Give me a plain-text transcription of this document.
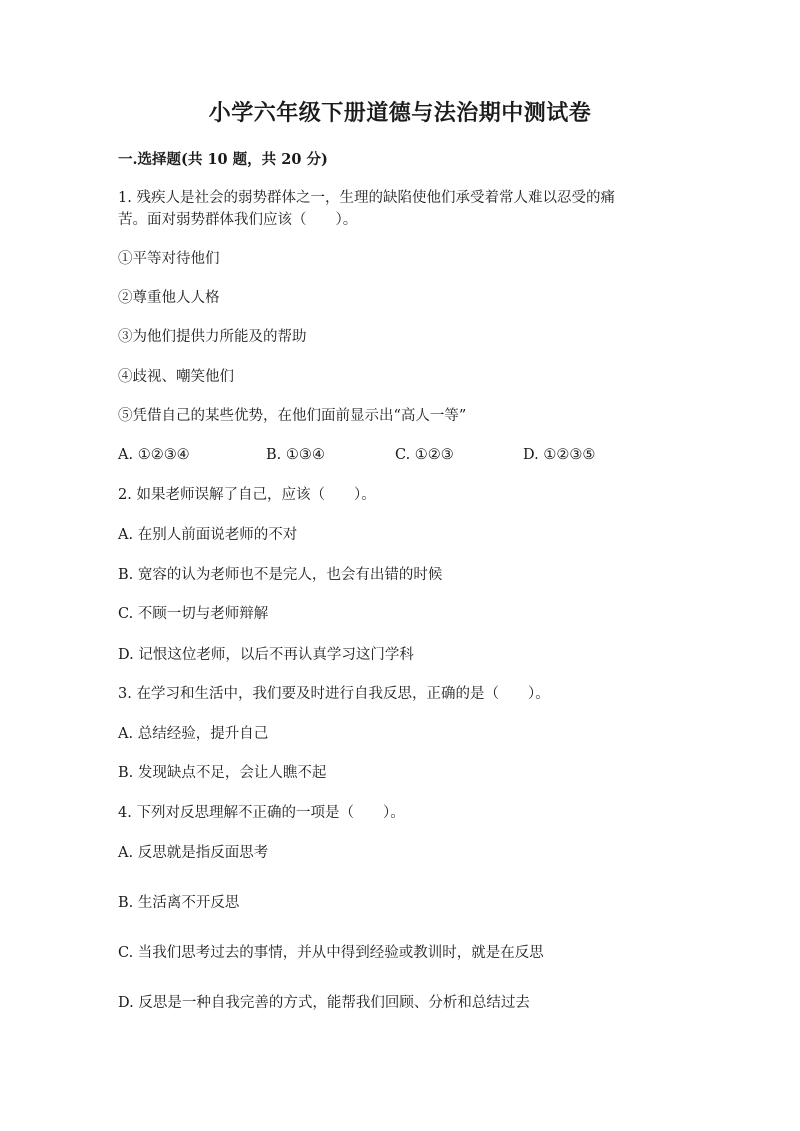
小学六年级下册道德与法治期中测试卷
一.选择题(共 10 题，共 20 分)
1. 残疾人是社会的弱势群体之一，生理的缺陷使他们承受着常人难以忍受的痛
苦。面对弱势群体我们应该（　　）。
①平等对待他们
②尊重他人人格
③为他们提供力所能及的帮助
④歧视、嘲笑他们
⑤凭借自己的某些优势，在他们面前显示出“高人一等”
A. ①②③④	B. ①③④	C. ①②③	D. ①②③⑤
2. 如果老师误解了自己，应该（　　）。
A. 在别人前面说老师的不对
B. 宽容的认为老师也不是完人，也会有出错的时候
C. 不顾一切与老师辩解
D. 记恨这位老师，以后不再认真学习这门学科
3. 在学习和生活中，我们要及时进行自我反思，正确的是（　　）。
A. 总结经验，提升自己
B. 发现缺点不足，会让人瞧不起
4. 下列对反思理解不正确的一项是（　　）。
A. 反思就是指反面思考
B. 生活离不开反思
C. 当我们思考过去的事情，并从中得到经验或教训时，就是在反思
D. 反思是一种自我完善的方式，能帮我们回顾、分析和总结过去
